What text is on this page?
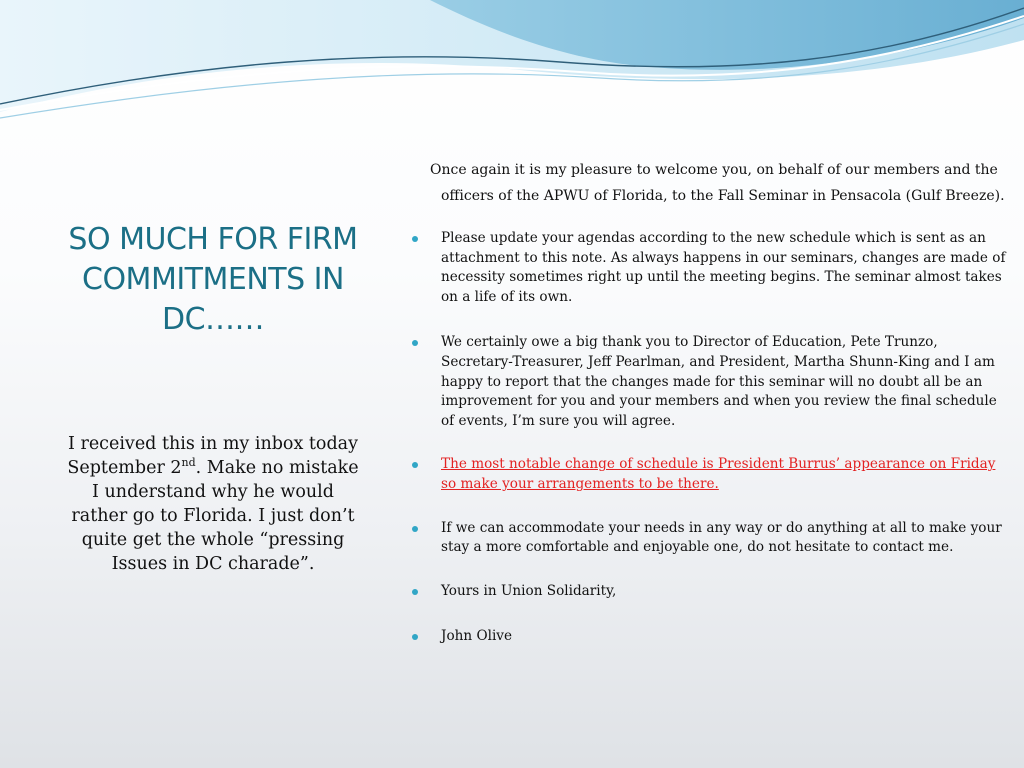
SO MUCH FOR FIRM COMMITMENTS IN DC……
I received this in my inbox today September 2nd. Make no mistake I understand why he would rather go to Florida. I just don’t quite get the whole “pressing Issues in DC charade”.
Once again it is my pleasure to welcome you, on behalf of our members and the officers of the APWU of Florida, to the Fall Seminar in Pensacola (Gulf Breeze).
Please update your agendas according to the new schedule which is sent as an attachment to this note. As always happens in our seminars, changes are made of necessity sometimes right up until the meeting begins. The seminar almost takes on a life of its own.
We certainly owe a big thank you to Director of Education, Pete Trunzo, Secretary-Treasurer, Jeff Pearlman, and President, Martha Shunn-King and I am happy to report that the changes made for this seminar will no doubt all be an improvement for you and your members and when you review the final schedule of events, I’m sure you will agree.
The most notable change of schedule is President Burrus’ appearance on Friday so make your arrangements to be there.
If we can accommodate your needs in any way or do anything at all to make your stay a more comfortable and enjoyable one, do not hesitate to contact me.
Yours in Union Solidarity,
John Olive
